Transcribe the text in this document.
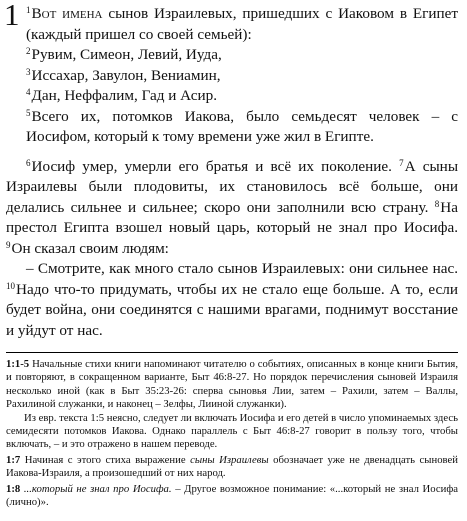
1 $^1$Вот имена сынов Израилевых, пришедших с Иаковом в Египет (каждый пришел со своей семьей):
$^2$Рувим, Симеон, Левий, Иуда,
$^3$Иссахар, Завулон, Вениамин,
$^4$Дан, Неффалим, Гад и Асир.
$^5$Всего их, потомков Иакова, было семьдесят человек – с Иосифом, который к тому времени уже жил в Египте.
$^6$Иосиф умер, умерли его братья и всё их поколение. $^7$А сыны Израилевы были плодовиты, их становилось всё больше, они делались сильнее и сильнее; скоро они заполнили всю страну. $^8$На престол Египта взошел новый царь, который не знал про Иосифа. $^9$Он сказал своим людям:
– Смотрите, как много стало сынов Израилевых: они сильнее нас. $^{10}$Надо что-то придумать, чтобы их не стало еще больше. А то, если будет война, они соединятся с нашими врагами, поднимут восстание и уйдут от нас.
1:1-5 Начальные стихи книги напоминают читателю о событиях, описанных в конце книги Бытия, и повторяют, в сокращенном варианте, Быт 46:8-27. Но порядок перечисления сыновей Израиля несколько иной (как в Быт 35:23-26: сперва сыновья Лии, затем – Рахили, затем – Валлы, Рахилиной служанки, и наконец – Зелфы, Лииной служанки).
Из евр. текста 1:5 неясно, следует ли включать Иосифа и его детей в число упоминаемых здесь семидесяти потомков Иакова. Однако параллель с Быт 46:8-27 говорит в пользу того, чтобы включать, – и это отражено в нашем переводе.
1:7 Начиная с этого стиха выражение сыны Израилевы обозначает уже не двенадцать сыновей Иакова-Израиля, а произошедший от них народ.
1:8 ...который не знал про Иосифа. – Другое возможное понимание: «...который не знал Иосифа (лично)».
